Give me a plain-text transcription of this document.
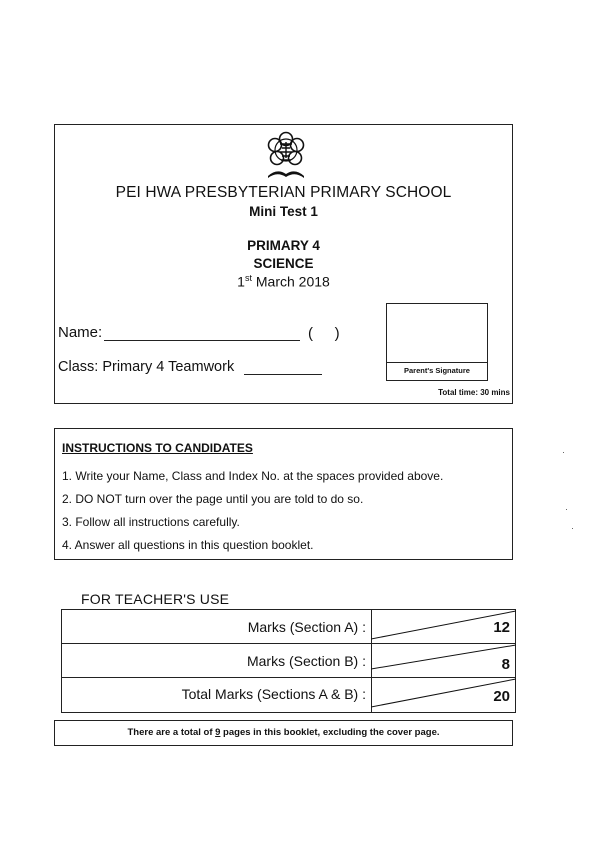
PEI HWA PRESBYTERIAN PRIMARY SCHOOL
Mini Test 1
PRIMARY 4
SCIENCE
1st March 2018
Name:	(    )
Class: Primary 4 Teamwork	Parent's Signature
Total time: 30 mins
INSTRUCTIONS TO CANDIDATES
1. Write your Name, Class and Index No. at the spaces provided above.
2. DO NOT turn over the page until you are told to do so.
3. Follow all instructions carefully.
4. Answer all questions in this question booklet.
FOR TEACHER'S USE
Marks (Section A) :	12
Marks (Section B) :	8
Total Marks (Sections A & B) :	20
There are a total of 9 pages in this booklet, excluding the cover page.
